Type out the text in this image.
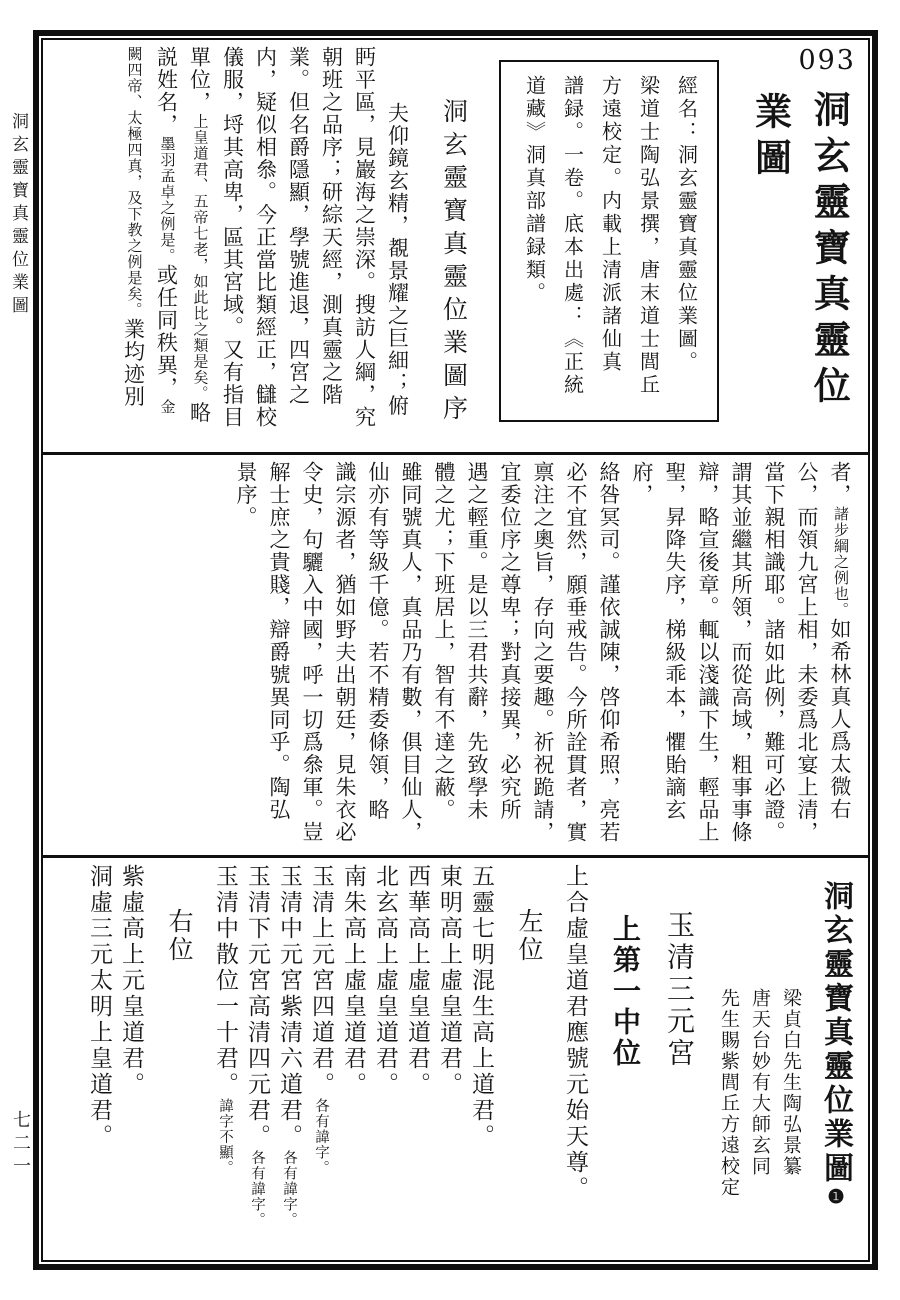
洞玄靈寶真靈位業圖
七二一
093洞玄靈寶真靈位
業圖
經名：洞玄靈寶真靈位業圖。
梁道士陶弘景撰，唐末道士閭丘
方遠校定。内載上清派諸仙真
譜録。一卷。底本出處：《正統
道藏》洞真部譜録類。
洞玄靈寶真靈位業圖序
夫仰鏡玄精，覩景耀之巨細；俯
眄平區，見巖海之崇深。搜訪人綱，究
朝班之品序；研綜天經，測真靈之階
業。但名爵隱顯，學號進退，四宮之
内，疑似相叅。今正當比類經正，讎校
儀服，埒其高卑，區其宮域。又有指目
單位，上皇道君、五帝七老，如此比之類是矣。略
説姓名，墨羽孟卓之例是。或任同秩異，金
闕四帝、太極四真，及下教之例是矣。業均迹別
者，諸步綱之例也。如希林真人爲太微右
公，而領九宮上相，未委爲北宴上清，
當下親相識耶。諸如此例，難可必證。
謂其並繼其所領，而從高域，粗事事條
辯，略宣後章。輒以淺識下生，輕品上
聖，昇降失序，梯級乖本，懼貽謫玄府，
絡咎冥司。謹依誠陳，啓仰希照，亮若
必不宜然，願垂戒告。今所詮貫者，實
禀注之奧旨，存向之要趣。祈祝跪請，
宜委位序之尊卑；對真接異，必究所
遇之輕重。是以三君共辭，先致學未
體之尤；下班居上，智有不達之蔽。
雖同號真人，真品乃有數，俱目仙人，
仙亦有等級千億。若不精委條領，略
識宗源者，猶如野夫出朝廷，見朱衣必
令史，句驪入中國，呼一切爲叅軍。豈
解士庶之貴賤，辯爵號異同乎。陶弘
景序。
洞玄靈寶真靈位業圖❶
梁貞白先生陶弘景纂
唐天台妙有大師玄同
先生賜紫閭丘方遠校定
玉清三元宮
上第一中位
上合虛皇道君應號元始天尊。
左位
五靈七明混生高上道君。
東明高上虛皇道君。
西華高上虛皇道君。
北玄高上虛皇道君。
南朱高上虛皇道君。
玉清上元宮四道君。各有諱字。
玉清中元宮紫清六道君。各有諱字。
玉清下元宮高清四元君。各有諱字。
玉清中散位一十君。諱字不顯。
右位
紫虛高上元皇道君。
洞虛三元太明上皇道君。
